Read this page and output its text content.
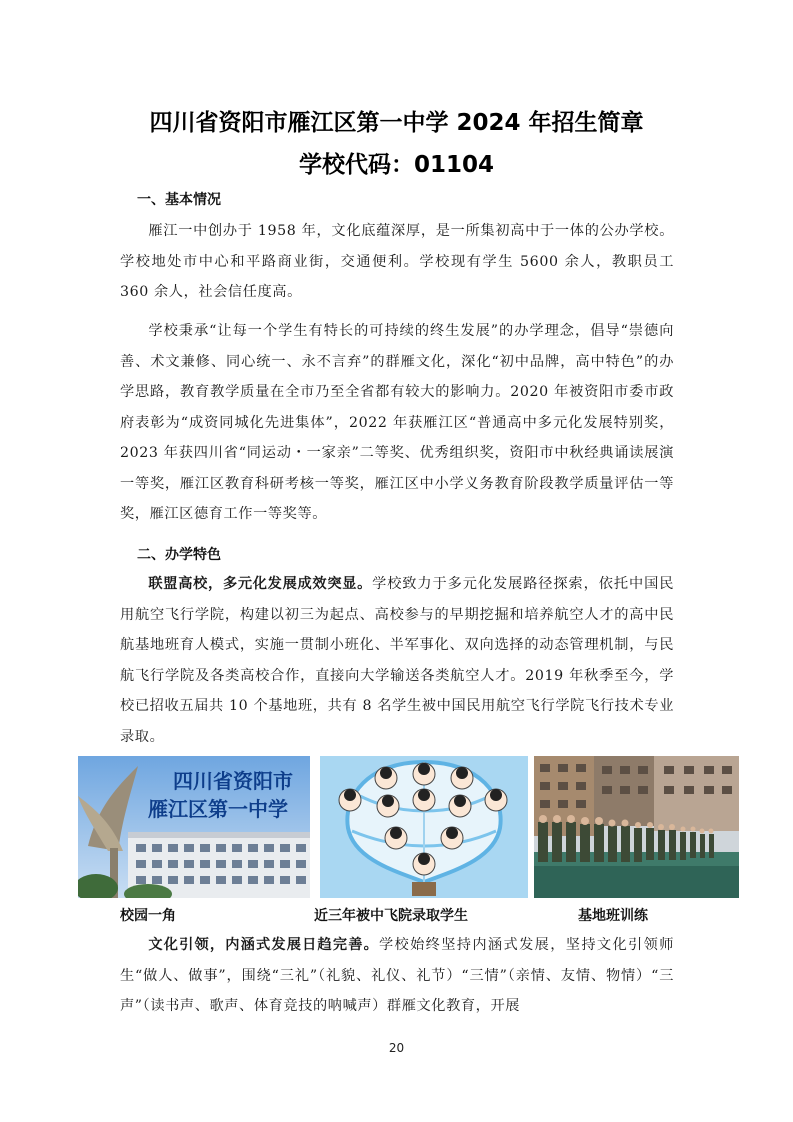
四川省资阳市雁江区第一中学 2024 年招生简章
学校代码：01104
一、基本情况
雁江一中创办于 1958 年，文化底蕴深厚，是一所集初高中于一体的公办学校。学校地处市中心和平路商业街，交通便利。学校现有学生 5600 余人，教职员工 360 余人，社会信任度高。
学校秉承“让每一个学生有特长的可持续的终生发展”的办学理念，倡导“崇德向善、术文兼修、同心统一、永不言弃”的群雁文化，深化“初中品牌，高中特色”的办学思路，教育教学质量在全市乃至全省都有较大的影响力。2020 年被资阳市委市政府表彰为“成资同城化先进集体”，2022 年获雁江区“普通高中多元化发展特别奖，2023 年获四川省“同运动・一家亲”二等奖、优秀组织奖，资阳市中秋经典诵读展演一等奖，雁江区教育科研考核一等奖，雁江区中小学义务教育阶段教学质量评估一等奖，雁江区德育工作一等奖等。
二、办学特色
联盟高校，多元化发展成效突显。学校致力于多元化发展路径探索，依托中国民用航空飞行学院，构建以初三为起点、高校参与的早期挖掘和培养航空人才的高中民航基地班育人模式，实施一贯制小班化、半军事化、双向选择的动态管理机制，与民航飞行学院及各类高校合作，直接向大学输送各类航空人才。2019 年秋季至今，学校已招收五届共 10 个基地班，共有 8 名学生被中国民用航空飞行学院飞行技术专业录取。
四川省资阳市
雁江区第一中学
校园一角	近三年被中飞院录取学生	基地班训练
文化引领，内涵式发展日趋完善。学校始终坚持内涵式发展，坚持文化引领师生“做人、做事”，围绕“三礼”（礼貌、礼仪、礼节）“三情”（亲情、友情、物情）“三声”（读书声、歌声、体育竞技的呐喊声）群雁文化教育，开展
20
